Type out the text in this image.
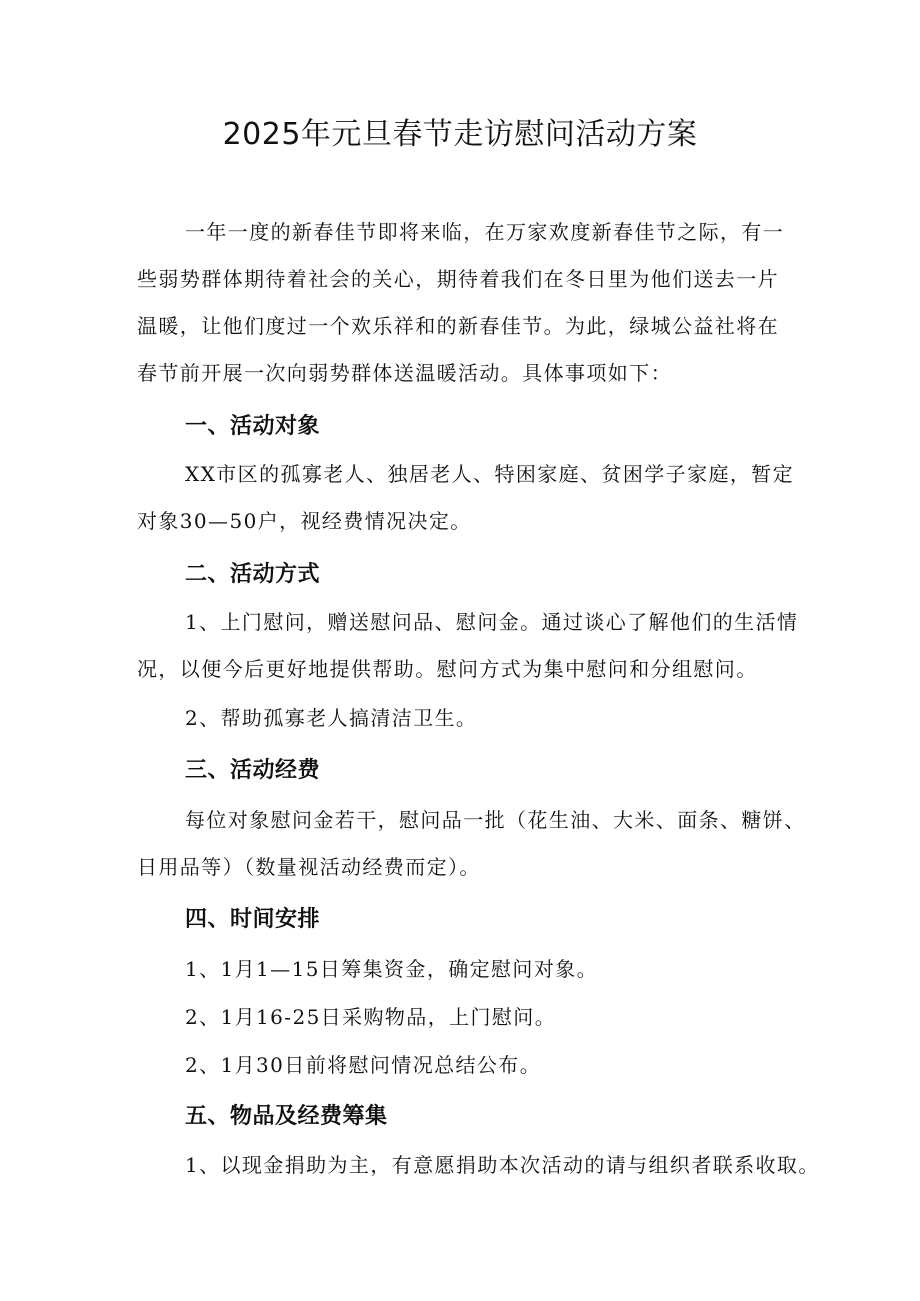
2025年元旦春节走访慰问活动方案
一年一度的新春佳节即将来临，在万家欢度新春佳节之际，有一
些弱势群体期待着社会的关心，期待着我们在冬日里为他们送去一片
温暖，让他们度过一个欢乐祥和的新春佳节。为此，绿城公益社将在
春节前开展一次向弱势群体送温暖活动。具体事项如下：
一、活动对象
XX市区的孤寡老人、独居老人、特困家庭、贫困学子家庭，暂定
对象30—50户，视经费情况决定。
二、活动方式
1、上门慰问，赠送慰问品、慰问金。通过谈心了解他们的生活情
况，以便今后更好地提供帮助。慰问方式为集中慰问和分组慰问。
2、帮助孤寡老人搞清洁卫生。
三、活动经费
每位对象慰问金若干，慰问品一批（花生油、大米、面条、糖饼、
日用品等）（数量视活动经费而定）。
四、时间安排
1、1月1—15日筹集资金，确定慰问对象。
2、1月16-25日采购物品，上门慰问。
2、1月30日前将慰问情况总结公布。
五、物品及经费筹集
1、以现金捐助为主，有意愿捐助本次活动的请与组织者联系收取。
